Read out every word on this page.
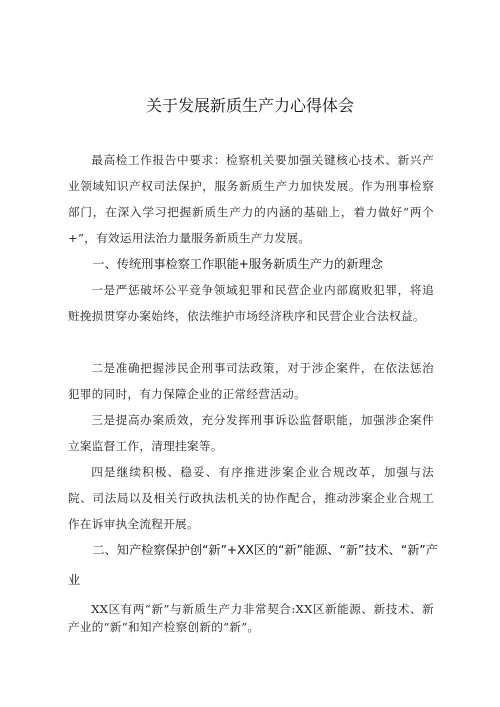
关于发展新质生产力心得体会

最高检工作报告中要求：检察机关要加强关键核心技术、新兴产业领域知识产权司法保护，服务新质生产力加快发展。作为刑事检察部门，在深入学习把握新质生产力的内涵的基础上，着力做好“两个+”，有效运用法治力量服务新质生产力发展。

一、传统刑事检察工作职能+服务新质生产力的新理念

一是严惩破坏公平竞争领域犯罪和民营企业内部腐败犯罪，将追赃挽损贯穿办案始终，依法维护市场经济秩序和民营企业合法权益。

二是准确把握涉民企刑事司法政策，对于涉企案件，在依法惩治犯罪的同时，有力保障企业的正常经营活动。

三是提高办案质效，充分发挥刑事诉讼监督职能，加强涉企案件立案监督工作，清理挂案等。

四是继续积极、稳妥、有序推进涉案企业合规改革，加强与法院、司法局以及相关行政执法机关的协作配合，推动涉案企业合规工作在诉审执全流程开展。

二、知产检察保护创“新”+XX区的“新”能源、“新”技术、“新”产业

XX区有两“新”与新质生产力非常契合:XX区新能源、新技术、新产业的“新”和知产检察创新的“新”。
